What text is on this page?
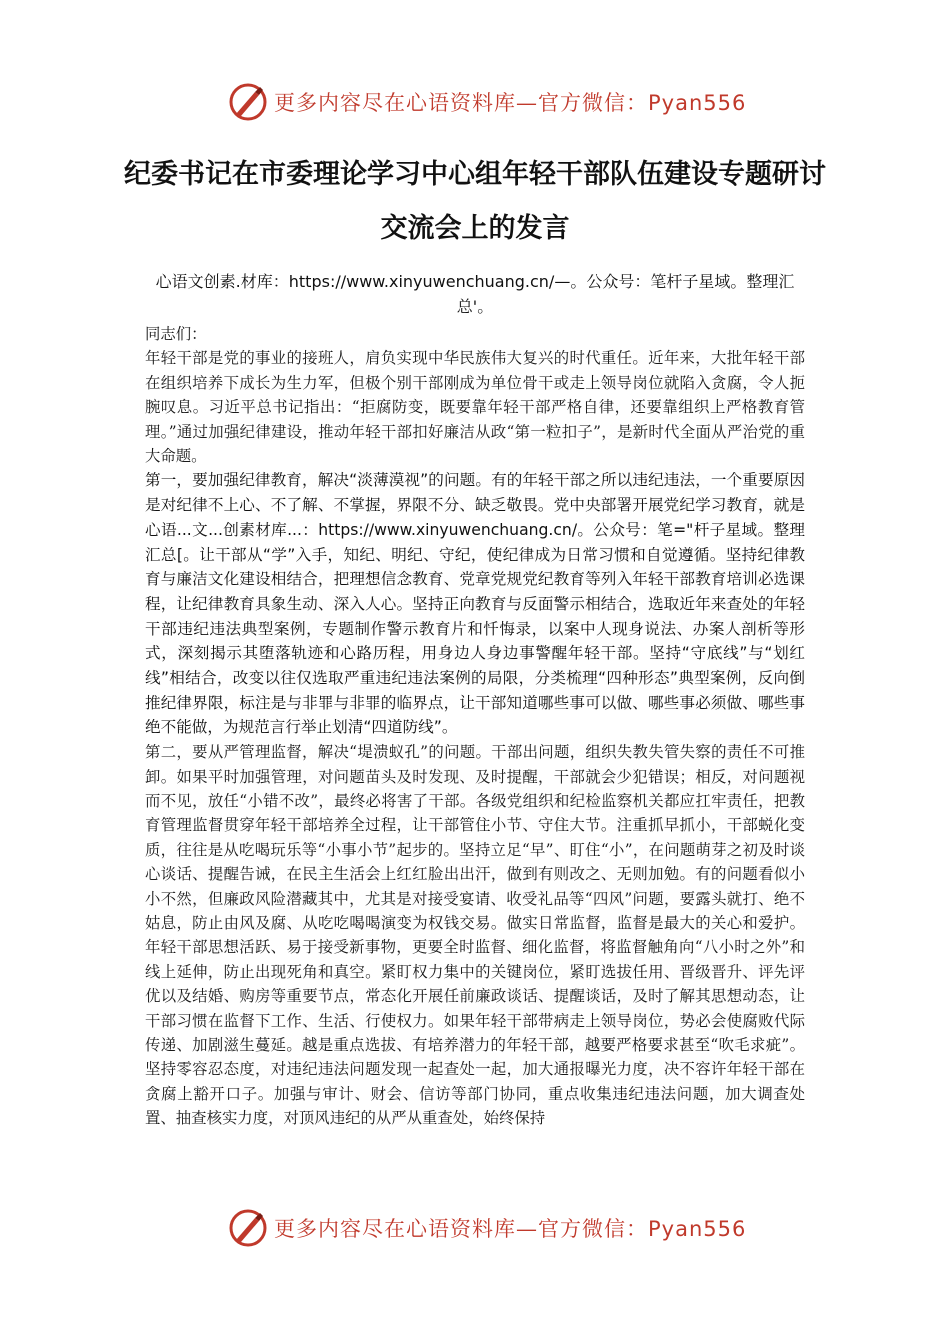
更多内容尽在心语资料库—官方微信：Pyan556
纪委书记在市委理论学习中心组年轻干部队伍建设专题研讨交流会上的发言
心语文创素.材库：https://www.xinyuwenchuang.cn/—。公众号：笔杆子星域。整理汇总'。

同志们：

年轻干部是党的事业的接班人，肩负实现中华民族伟大复兴的时代重任。近年来，大批年轻干部在组织培养下成长为生力军，但极个别干部刚成为单位骨干或走上领导岗位就陷入贪腐，令人扼腕叹息。习近平总书记指出：“拒腐防变，既要靠年轻干部严格自律，还要靠组织上严格教育管理。”通过加强纪律建设，推动年轻干部扣好廉洁从政“第一粒扣子”，是新时代全面从严治党的重大命题。

第一，要加强纪律教育，解决“淡薄漠视”的问题。有的年轻干部之所以违纪违法，一个重要原因是对纪律不上心、不了解、不掌握，界限不分、缺乏敬畏。党中央部署开展党纪学习教育，就是心语...文...创素材库...：https://www.xinyuwenchuang.cn/。公众号：笔="杆子星域。整理汇总[。让干部从“学”入手，知纪、明纪、守纪，使纪律成为日常习惯和自觉遵循。坚持纪律教育与廉洁文化建设相结合，把理想信念教育、党章党规党纪教育等列入年轻干部教育培训必选课程，让纪律教育具象生动、深入人心。坚持正向教育与反面警示相结合，选取近年来查处的年轻干部违纪违法典型案例，专题制作警示教育片和忏悔录，以案中人现身说法、办案人剖析等形式，深刻揭示其堕落轨迹和心路历程，用身边人身边事警醒年轻干部。坚持“守底线”与“划红线”相结合，改变以往仅选取严重违纪违法案例的局限，分类梳理“四种形态”典型案例，反向倒推纪律界限，标注是与非罪与非罪的临界点，让干部知道哪些事可以做、哪些事必须做、哪些事绝不能做，为规范言行举止划清“四道防线”。

第二，要从严管理监督，解决“堤溃蚁孔”的问题。干部出问题，组织失教失管失察的责任不可推卸。如果平时加强管理，对问题苗头及时发现、及时提醒，干部就会少犯错误；相反，对问题视而不见，放任“小错不改”，最终必将害了干部。各级党组织和纪检监察机关都应扛牢责任，把教育管理监督贯穿年轻干部培养全过程，让干部管住小节、守住大节。注重抓早抓小，干部蜕化变质，往往是从吃喝玩乐等“小事小节”起步的。坚持立足“早”、盯住“小”，在问题萌芽之初及时谈心谈话、提醒告诫，在民主生活会上红红脸出出汗，做到有则改之、无则加勉。有的问题看似小小不然，但廉政风险潜藏其中，尤其是对接受宴请、收受礼品等“四风”问题，要露头就打、绝不姑息，防止由风及腐、从吃吃喝喝演变为权钱交易。做实日常监督，监督是最大的关心和爱护。年轻干部思想活跃、易于接受新事物，更要全时监督、细化监督，将监督触角向“八小时之外”和线上延伸，防止出现死角和真空。紧盯权力集中的关键岗位，紧盯选拔任用、晋级晋升、评先评优以及结婚、购房等重要节点，常态化开展任前廉政谈话、提醒谈话，及时了解其思想动态，让干部习惯在监督下工作、生活、行使权力。如果年轻干部带病走上领导岗位，势必会使腐败代际传递、加剧滋生蔓延。越是重点选拔、有培养潜力的年轻干部，越要严格要求甚至“吹毛求疵”。坚持零容忍态度，对违纪违法问题发现一起查处一起，加大通报曝光力度，决不容许年轻干部在贪腐上豁开口子。加强与审计、财会、信访等部门协同，重点收集违纪违法问题，加大调查处置、抽查核实力度，对顶风违纪的从严从重查处，始终保持

更多内容尽在心语资料库—官方微信：Pyan556
